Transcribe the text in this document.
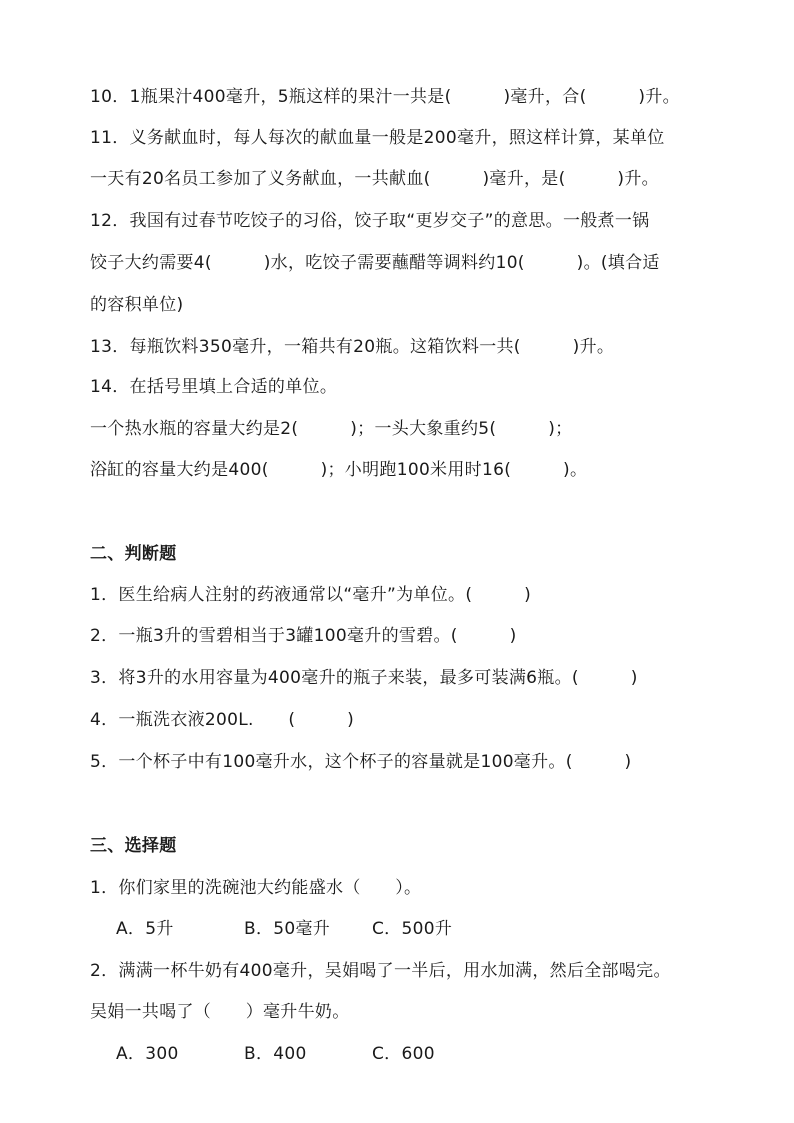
10．1瓶果汁400毫升，5瓶这样的果汁一共是(　　　)毫升，合(　　　)升。
11．义务献血时，每人每次的献血量一般是200毫升，照这样计算，某单位
一天有20名员工参加了义务献血，一共献血(　　　)毫升，是(　　　)升。
12．我国有过春节吃饺子的习俗，饺子取“更岁交子”的意思。一般煮一锅
饺子大约需要4(　　　)水，吃饺子需要蘸醋等调料约10(　　　)。(填合适
的容积单位)
13．每瓶饮料350毫升，一箱共有20瓶。这箱饮料一共(　　　)升。
14．在括号里填上合适的单位。
一个热水瓶的容量大约是2(　　　)；一头大象重约5(　　　)；
浴缸的容量大约是400(　　　)；小明跑100米用时16(　　　)。
二、判断题
1．医生给病人注射的药液通常以“毫升”为单位。(　　　)
2．一瓶3升的雪碧相当于3罐100毫升的雪碧。(　　　)
3．将3升的水用容量为400毫升的瓶子来装，最多可装满6瓶。(　　　)
4．一瓶洗衣液200L.　　(　　　)
5．一个杯子中有100毫升水，这个杯子的容量就是100毫升。(　　　)
三、选择题
1．你们家里的洗碗池大约能盛水（　　）。
A．5升	B．50毫升 C．500升
2．满满一杯牛奶有400毫升，吴娟喝了一半后，用水加满，然后全部喝完。
吴娟一共喝了（　　）毫升牛奶。
A．300	B．400	C．600
